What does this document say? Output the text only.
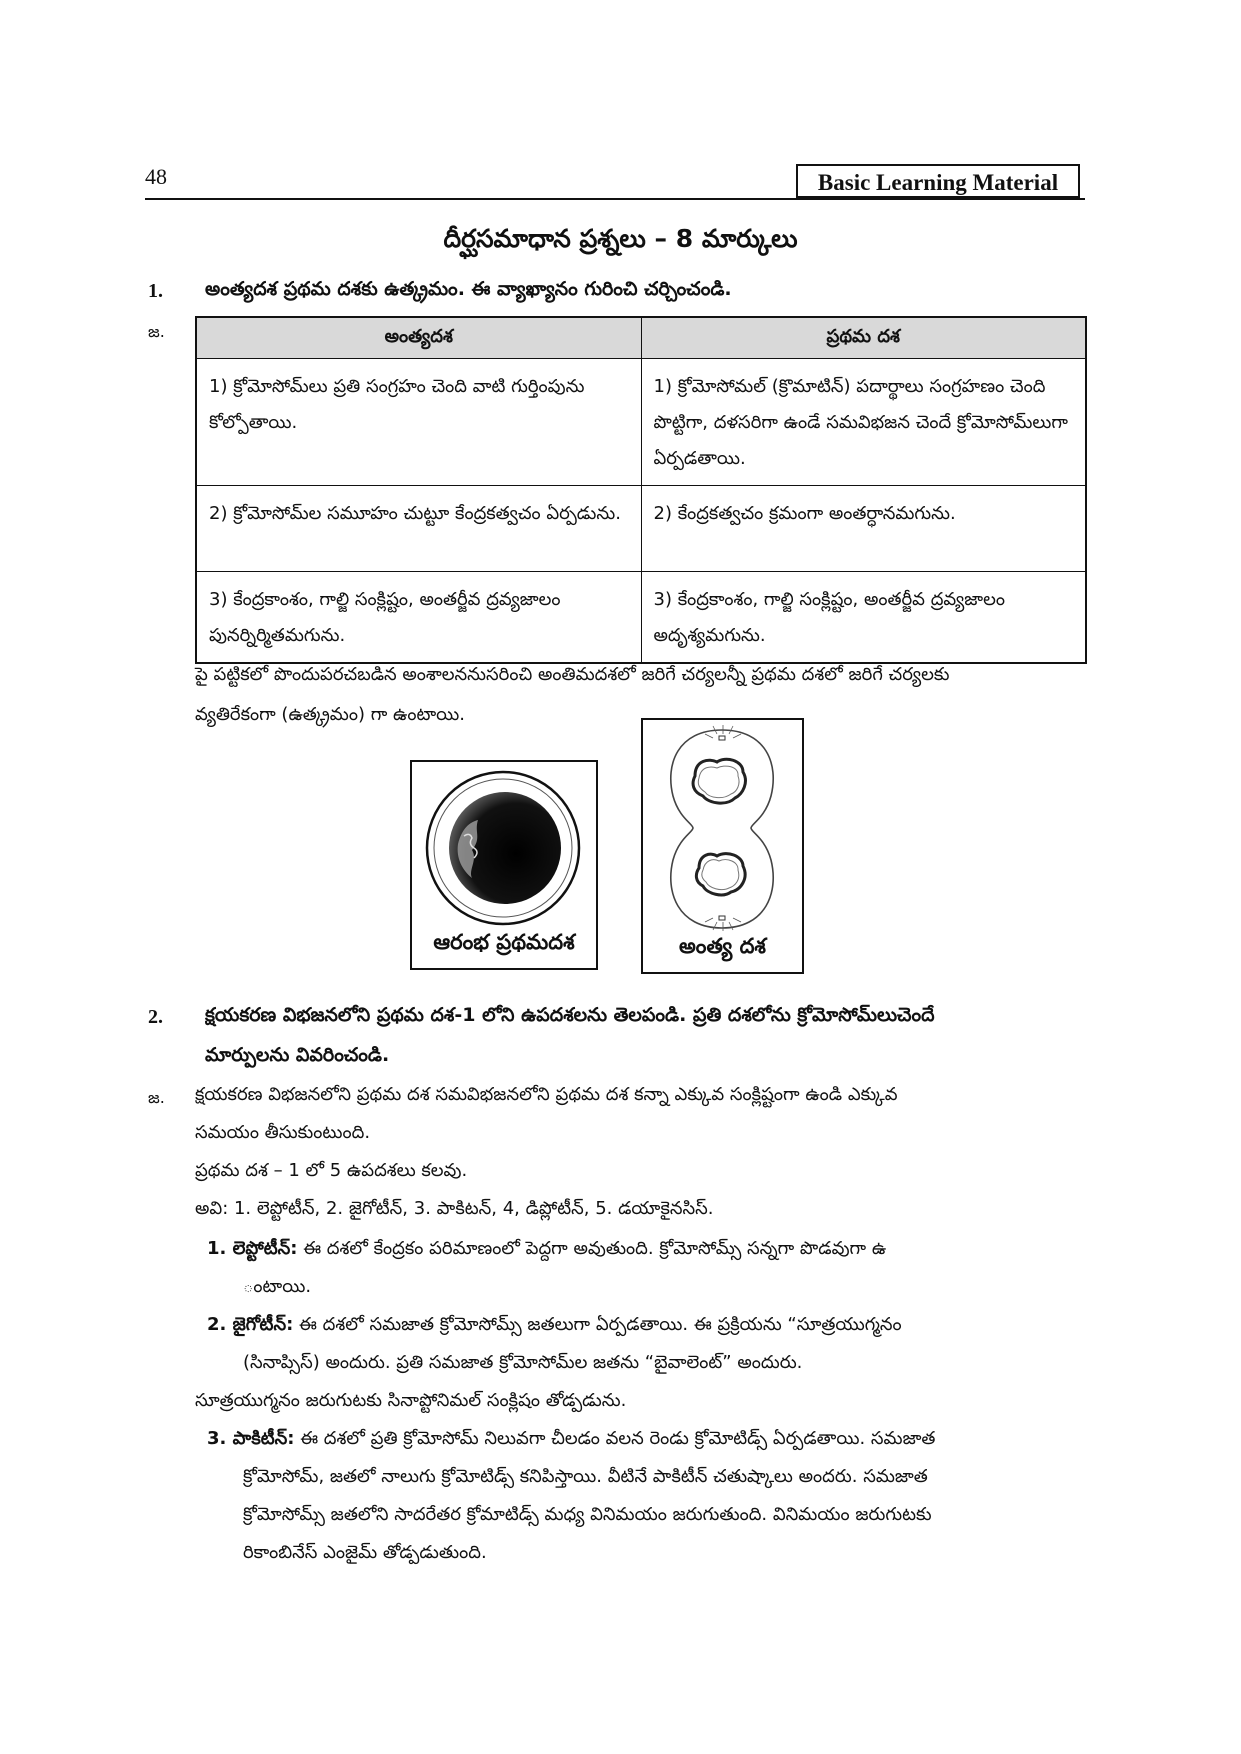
48	Basic Learning Material
దీర్ఘసమాధాన ప్రశ్నలు – 8 మార్కులు
1. అంత్యదశ ప్రథమ దశకు ఉత్క్రమం. ఈ వ్యాఖ్యానం గురించి చర్చించండి.
జ.	అంత్యదశ	ప్రథమ దశ
1) క్రోమోసోమ్‌లు ప్రతి సంగ్రహం చెంది వాటి గుర్తింపును కోల్పోతాయి.	1) క్రోమోసోమల్ (క్రొమాటిన్) పదార్థాలు సంగ్రహణం చెంది పొట్టిగా, దళసరిగా ఉండే సమవిభజన చెందే క్రోమోసోమ్‌లుగా ఏర్పడతాయి.
2) క్రోమోసోమ్‌ల సమూహం చుట్టూ కేంద్రకత్వచం ఏర్పడును.	2) కేంద్రకత్వచం క్రమంగా అంతర్ధానమగును.
3) కేంద్రకాంశం, గాల్జి సంక్లిష్టం, అంతర్జీవ ద్రవ్యజాలం పునర్నిర్మితమగును.	3) కేంద్రకాంశం, గాల్జి సంక్లిష్టం, అంతర్జీవ ద్రవ్యజాలం అదృశ్యమగును.
పై పట్టికలో పొందుపరచబడిన అంశాలననుసరించి అంతిమదశలో జరిగే చర్యలన్నీ ప్రథమ దశలో జరిగే చర్యలకు
వ్యతిరేకంగా (ఉత్క్రమం) గా ఉంటాయి.
ఆరంభ ప్రథమదశ	అంత్య దశ
2. క్షయకరణ విభజనలోని ప్రథమ దశ-1 లోని ఉపదశలను తెలపండి. ప్రతి దశలోను క్రోమోసోమ్‌లుచెందే
మార్పులను వివరించండి.
జ. క్షయకరణ విభజనలోని ప్రథమ దశ సమవిభజనలోని ప్రథమ దశ కన్నా ఎక్కువ సంక్లిష్టంగా ఉండి ఎక్కువ
సమయం తీసుకుంటుంది.
ప్రథమ దశ – 1 లో 5 ఉపదశలు కలవు.
అవి: 1. లెప్టోటీన్, 2. జైగోటీన్, 3. పాకిటన్, 4, డిప్లోటీన్, 5. డయాకైనసిస్.
1. లెప్టోటీన్: ఈ దశలో కేంద్రకం పరిమాణంలో పెద్దగా అవుతుంది. క్రోమోసోమ్స్ సన్నగా పొడవుగా ఉ
ంటాయి.
2. జైగోటీన్: ఈ దశలో సమజాత క్రోమోసోమ్స్ జతలుగా ఏర్పడతాయి. ఈ ప్రక్రియను “సూత్రయుగ్మనం
(సినాప్సిస్) అందురు. ప్రతి సమజాత క్రోమోసోమ్‌ల జతను “బైవాలెంట్” అందురు.
సూత్రయుగ్మనం జరుగుటకు సినాప్టోనిమల్ సంక్లిషం తోడ్పడును.
3. పాకిటీన్: ఈ దశలో ప్రతి క్రోమోసోమ్ నిలువగా చీలడం వలన రెండు క్రోమోటిడ్స్ ఏర్పడతాయి. సమజాత
క్రోమోసోమ్, జతలో నాలుగు క్రోమోటిడ్స్ కనిపిస్తాయి. వీటినే పాకిటీన్ చతుష్కాలు అందరు. సమజాత
క్రోమోసోమ్స్ జతలోని సాదరేతర క్రోమాటిడ్స్ మధ్య వినిమయం జరుగుతుంది. వినిమయం జరుగుటకు
రికాంబినేస్ ఎంజైమ్ తోడ్పడుతుంది.
